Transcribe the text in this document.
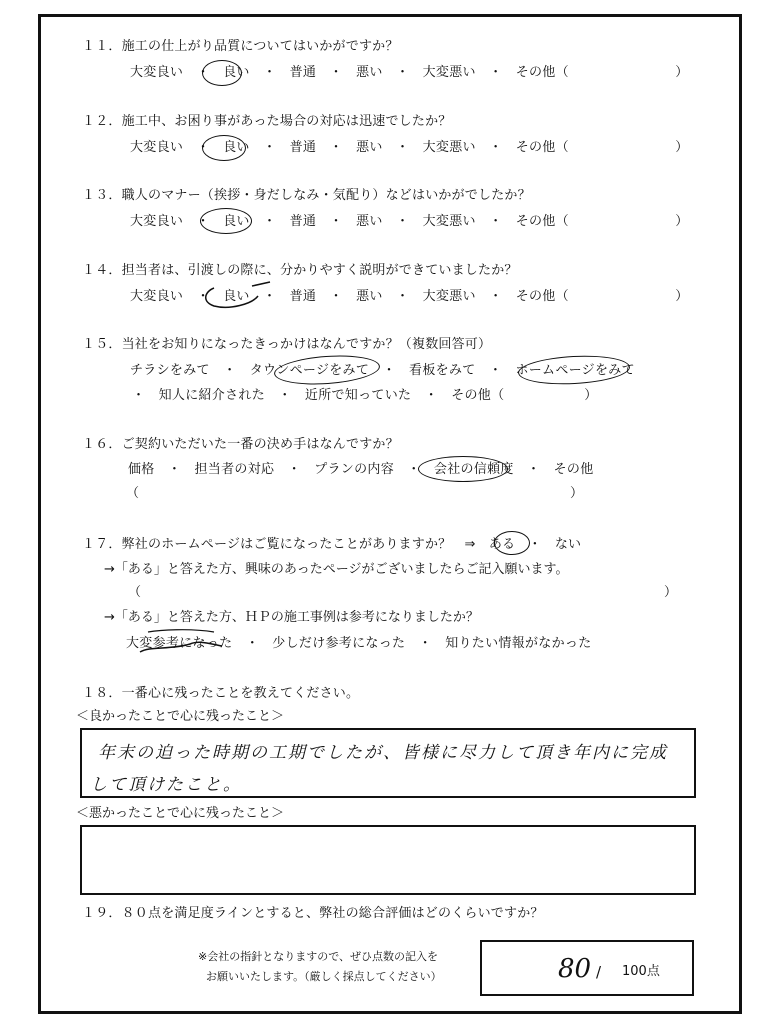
１１．施工の仕上がり品質についてはいかがですか？
大変良い　・　良い　・　普通　・　悪い　・　大変悪い　・　その他（　　　　　　　　）
１２．施工中、お困り事があった場合の対応は迅速でしたか？
大変良い　・　良い　・　普通　・　悪い　・　大変悪い　・　その他（　　　　　　　　）
１３．職人のマナー（挨拶・身だしなみ・気配り）などはいかがでしたか？
大変良い　・　良い　・　普通　・　悪い　・　大変悪い　・　その他（　　　　　　　　）
１４．担当者は、引渡しの際に、分かりやすく説明ができていましたか？
大変良い　・　良い　・　普通　・　悪い　・　大変悪い　・　その他（　　　　　　　　）
１５．当社をお知りになったきっかけはなんですか？（複数回答可）
チラシをみて　・　タウンページをみて　・　看板をみて　・　ホームページをみて
・　知人に紹介された　・　近所で知っていた　・　その他（　　　　　　）
１６．ご契約いただいた一番の決め手はなんですか？
価格　・　担当者の対応　・　プランの内容　・　会社の信頼度　・　その他
（	）
１７．弊社のホームページはご覧になったことがありますか？　⇒　ある　・　ない
→「ある」と答えた方、興味のあったページがございましたらご記入願います。
（	）
→「ある」と答えた方、ＨＰの施工事例は参考になりましたか？
大変参考になった　・　少しだけ参考になった　・　知りたい情報がなかった
１８．一番心に残ったことを教えてください。
＜良かったことで心に残ったこと＞
年末の迫った時期の工期でしたが、皆様に尽力して頂き年内に完成
して頂けたこと。
＜悪かったことで心に残ったこと＞
１９．８０点を満足度ラインとすると、弊社の総合評価はどのくらいですか？
※会社の指針となりますので、ぜひ点数の記入を
お願いいたします。（厳しく採点してください）	80 / 100点
